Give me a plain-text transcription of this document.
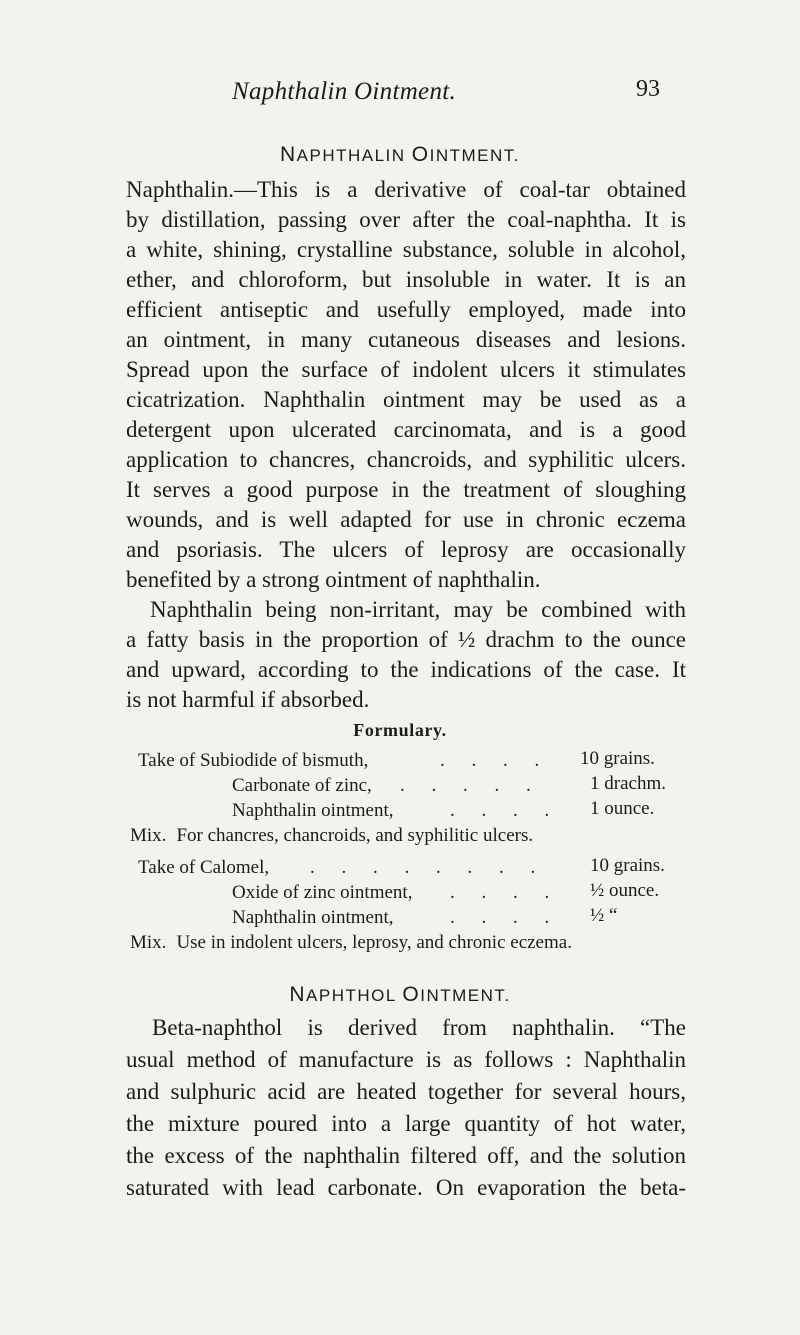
Naphthalin Ointment.	93
NAPHTHALIN OINTMENT.
Naphthalin.—This is a derivative of coal-tar obtained
by distillation, passing over after the coal-naphtha. It is
a white, shining, crystalline substance, soluble in alcohol,
ether, and chloroform, but insoluble in water. It is an
efficient antiseptic and usefully employed, made into
an ointment, in many cutaneous diseases and lesions.
Spread upon the surface of indolent ulcers it stimulates
cicatrization. Naphthalin ointment may be used as a
detergent upon ulcerated carcinomata, and is a good
application to chancres, chancroids, and syphilitic ulcers.
It serves a good purpose in the treatment of sloughing
wounds, and is well adapted for use in chronic eczema
and psoriasis. The ulcers of leprosy are occasionally
benefited by a strong ointment of naphthalin.
Naphthalin being non-irritant, may be combined with
a fatty basis in the proportion of ½ drachm to the ounce
and upward, according to the indications of the case. It
is not harmful if absorbed.
Formulary.
Take of Subiodide of bismuth,	. . . . 10 grains.
Carbonate of zinc, . . . . .	1 drachm.
Naphthalin ointment,	. . . . 1 ounce.
Mix. For chancres, chancroids, and syphilitic ulcers.
Take of Calomel, . . . . . . . . 10 grains.
Oxide of zinc ointment, . . . . ½ ounce.
Naphthalin ointment,	. . . . ½ “
Mix. Use in indolent ulcers, leprosy, and chronic eczema.
NAPHTHOL OINTMENT.
Beta-naphthol is derived from naphthalin. “The
usual method of manufacture is as follows : Naphthalin
and sulphuric acid are heated together for several hours,
the mixture poured into a large quantity of hot water,
the excess of the naphthalin filtered off, and the solution
saturated with lead carbonate. On evaporation the beta-
